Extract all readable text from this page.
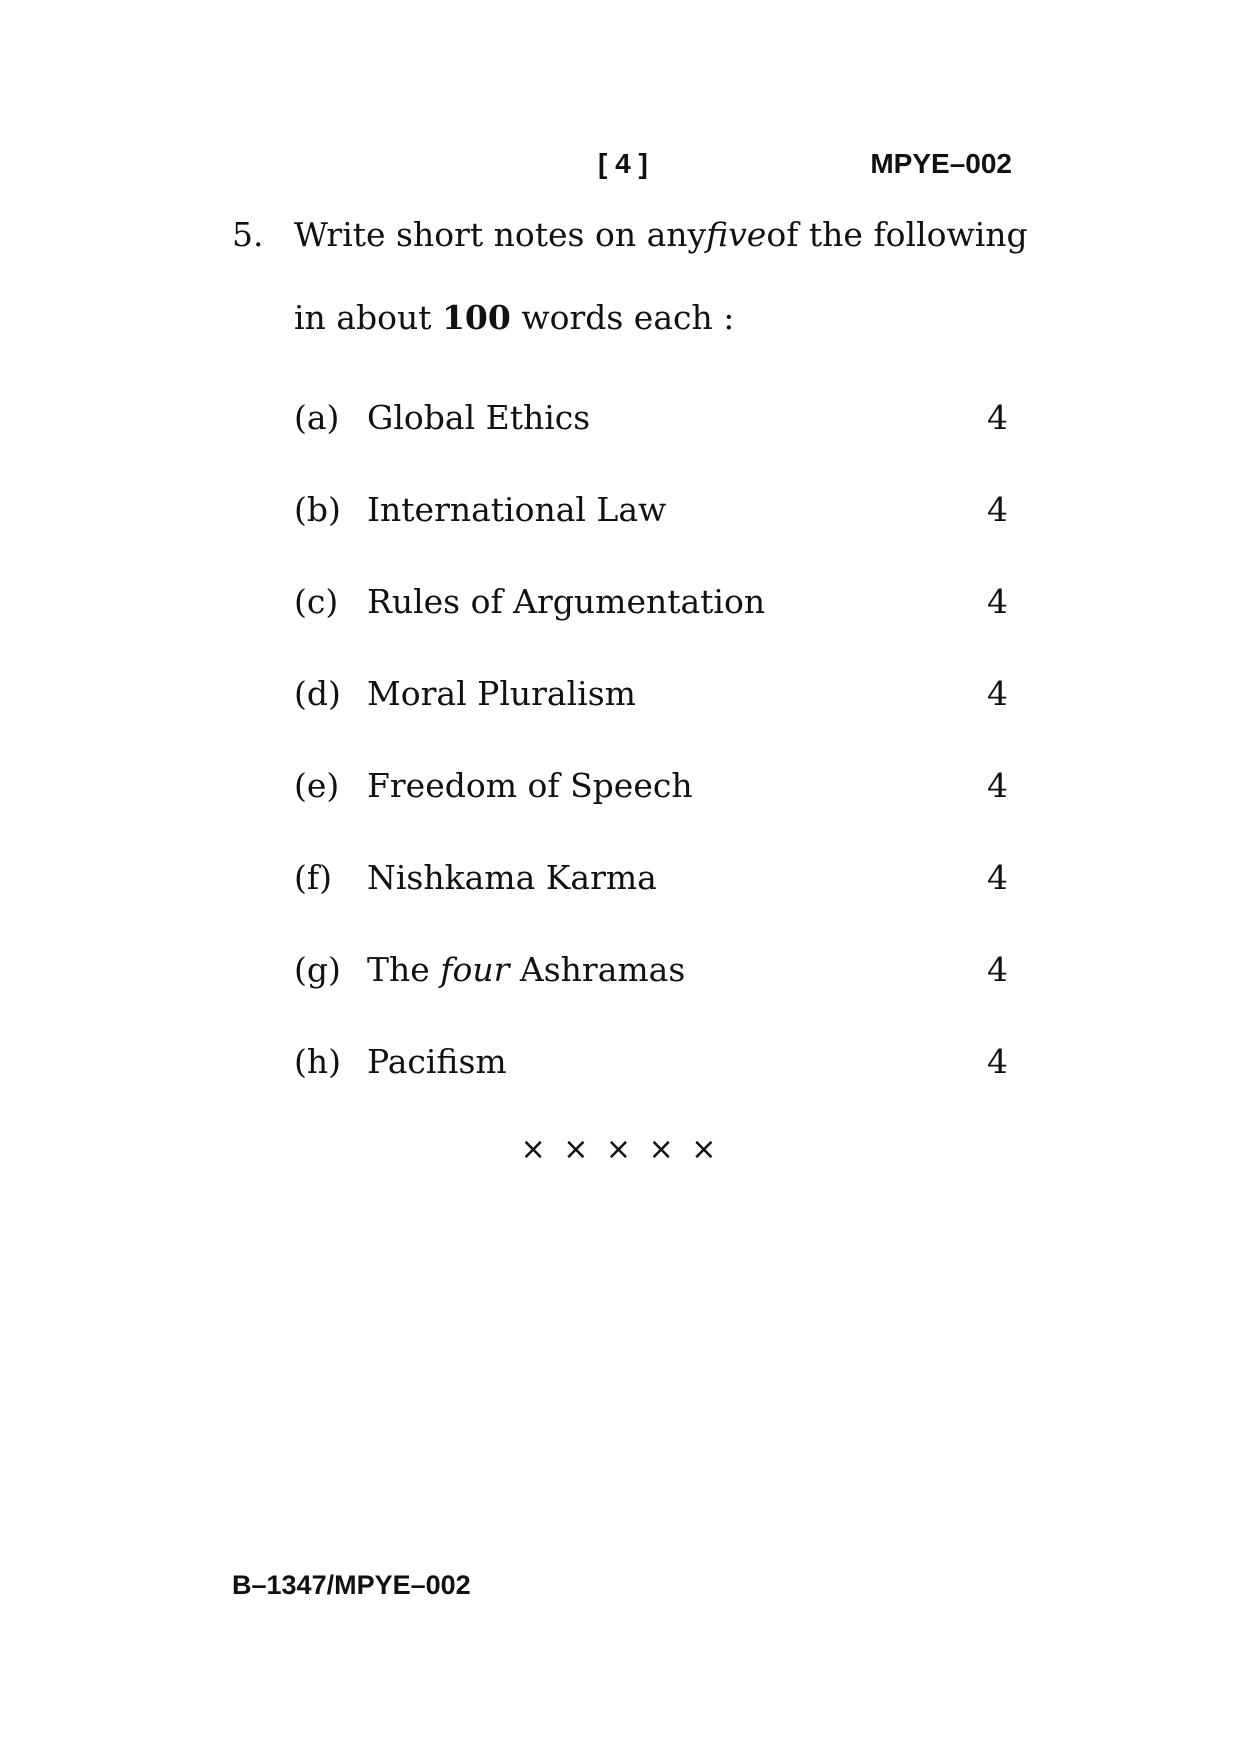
[ 4 ]	MPYE–002
5. Write short notes on any five of the following
in about 100 words each :
(a) Global Ethics	4
(b) International Law	4
(c) Rules of Argumentation	4
(d) Moral Pluralism	4
(e) Freedom of Speech	4
(f) Nishkama Karma	4
(g) The four Ashramas	4
(h) Pacifism	4
× × × × ×
B–1347/MPYE–002
